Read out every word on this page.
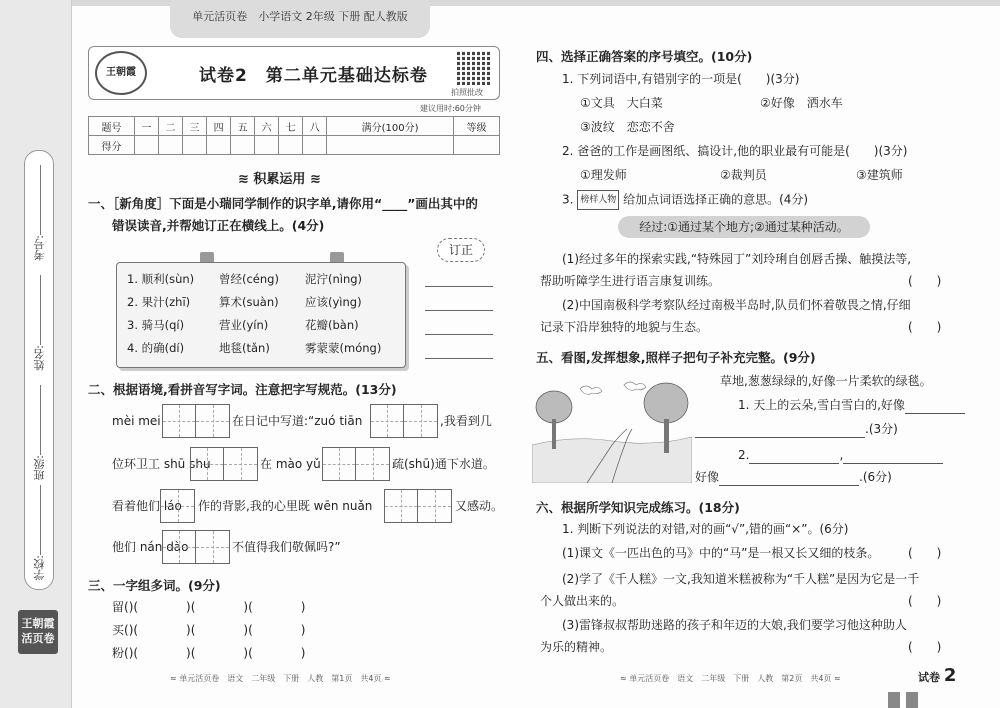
考号:
姓名:
班级:
学校:
王朝霞
活页卷
单元活页卷　小学语文 2年级 下册 配人教版
王朝霞	试卷2　第二单元基础达标卷
拍照批改
建议用时:60分钟
题号	一	二	三	四	五	六	七	八	满分(100分)	等级
得分										
≋ 积累运用 ≋
一、［新角度］下面是小瑞同学制作的识字单,请你用“____”画出其中的
错误读音,并帮她订正在横线上。(4分)
1. 顺利(sùn) 曾经(céng) 泥泞(nìng)
2. 果汁(zhī)	算术(suàn) 应该(yìng)
3. 骑马(qí)	营业(yín)	花瓣(bàn)
4. 的确(dí)	地毯(tǎn)	雾蒙蒙(móng)
订正
二、根据语境,看拼音写字词。注意把字写规范。(13分)
mèi mei	在日记中写道:“zuó tiān	,我看到几
位环卫工 shū shu	在 mào yǔ	疏(shū)通下水道。
看着他们 láo 作的背影,我的心里既 wēn nuǎn	又感动。
他们 nán dào	不值得我们敬佩吗?”
三、一字组多词。(9分)
留()(　　　　)(　　　　)(　　　　)
买()(　　　　)(　　　　)(　　　　)
粉()(　　　　)(　　　　)(　　　　)
≈ 单元活页卷　语文　二年级　下册　人教　第1页　共4页 ≈
四、选择正确答案的序号填空。(10分)
1. 下列词语中,有错别字的一项是(　　)(3分)
①文具　大白菜	②好像　洒水车
③波纹　恋恋不舍
2. 爸爸的工作是画图纸、搞设计,他的职业最有可能是(　　)(3分)
①理发师	②裁判员	③建筑师
3. 榜样人物 给加点词语选择正确的意思。(4分)
经过:①通过某个地方;②通过某种活动。
(1)经过多年的探索实践,“特殊园丁”刘玲琍自创唇舌操、触摸法等,
帮助听障学生进行语言康复训练。	(　　)
(2)中国南极科学考察队经过南极半岛时,队员们怀着敬畏之情,仔细
记录下沿岸独特的地貌与生态。	(　　)
五、看图,发挥想象,照样子把句子补充完整。(9分)
草地,葱葱绿绿的,好像一片柔软的绿毯。
1. 天上的云朵,雪白雪白的,好像
.(3分)
2.	,
好像	.(6分)
六、根据所学知识完成练习。(18分)
1. 判断下列说法的对错,对的画“√”,错的画“×”。(6分)
(1)课文《一匹出色的马》中的“马”是一根又长又细的枝条。 (　　)
(2)学了《千人糕》一文,我知道米糕被称为“千人糕”是因为它是一千
个人做出来的。	(　　)
(3)雷锋叔叔帮助迷路的孩子和年迈的大娘,我们要学习他这种助人
为乐的精神。	(　　)
≈ 单元活页卷　语文　二年级　下册　人教　第2页　共4页 ≈	试卷 2
